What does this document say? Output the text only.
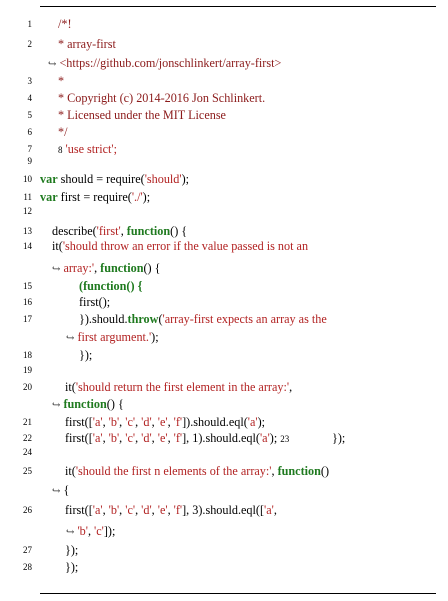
1
2
3
4
5
6
7
9
10
11
12
13
14
15
16
17
18
19
20
21
22
24
25
26
27
28
/*!
* array-first
↪ <https://github.com/jonschlinkert/array-first>
*
* Copyright (c) 2014-2016 Jon Schlinkert.
* Licensed under the MIT License
*/
8 'use strict';
var should = require('should');
var first = require('./');
describe('first', function() {
it('should throw an error if the value passed is not an
↪ array:', function() {
(function() {
first();
}).should.throw('array-first expects an array as the
↪ first argument.');
});
it('should return the first element in the array:',
↪ function() {
first(['a', 'b', 'c', 'd', 'e', 'f']).should.eql('a');
first(['a', 'b', 'c', 'd', 'e', 'f'], 1).should.eql('a'); 23	});
it('should the first n elements of the array:', function()
↪ {
first(['a', 'b', 'c', 'd', 'e', 'f'], 3).should.eql(['a',
↪ 'b', 'c']);
});
});
